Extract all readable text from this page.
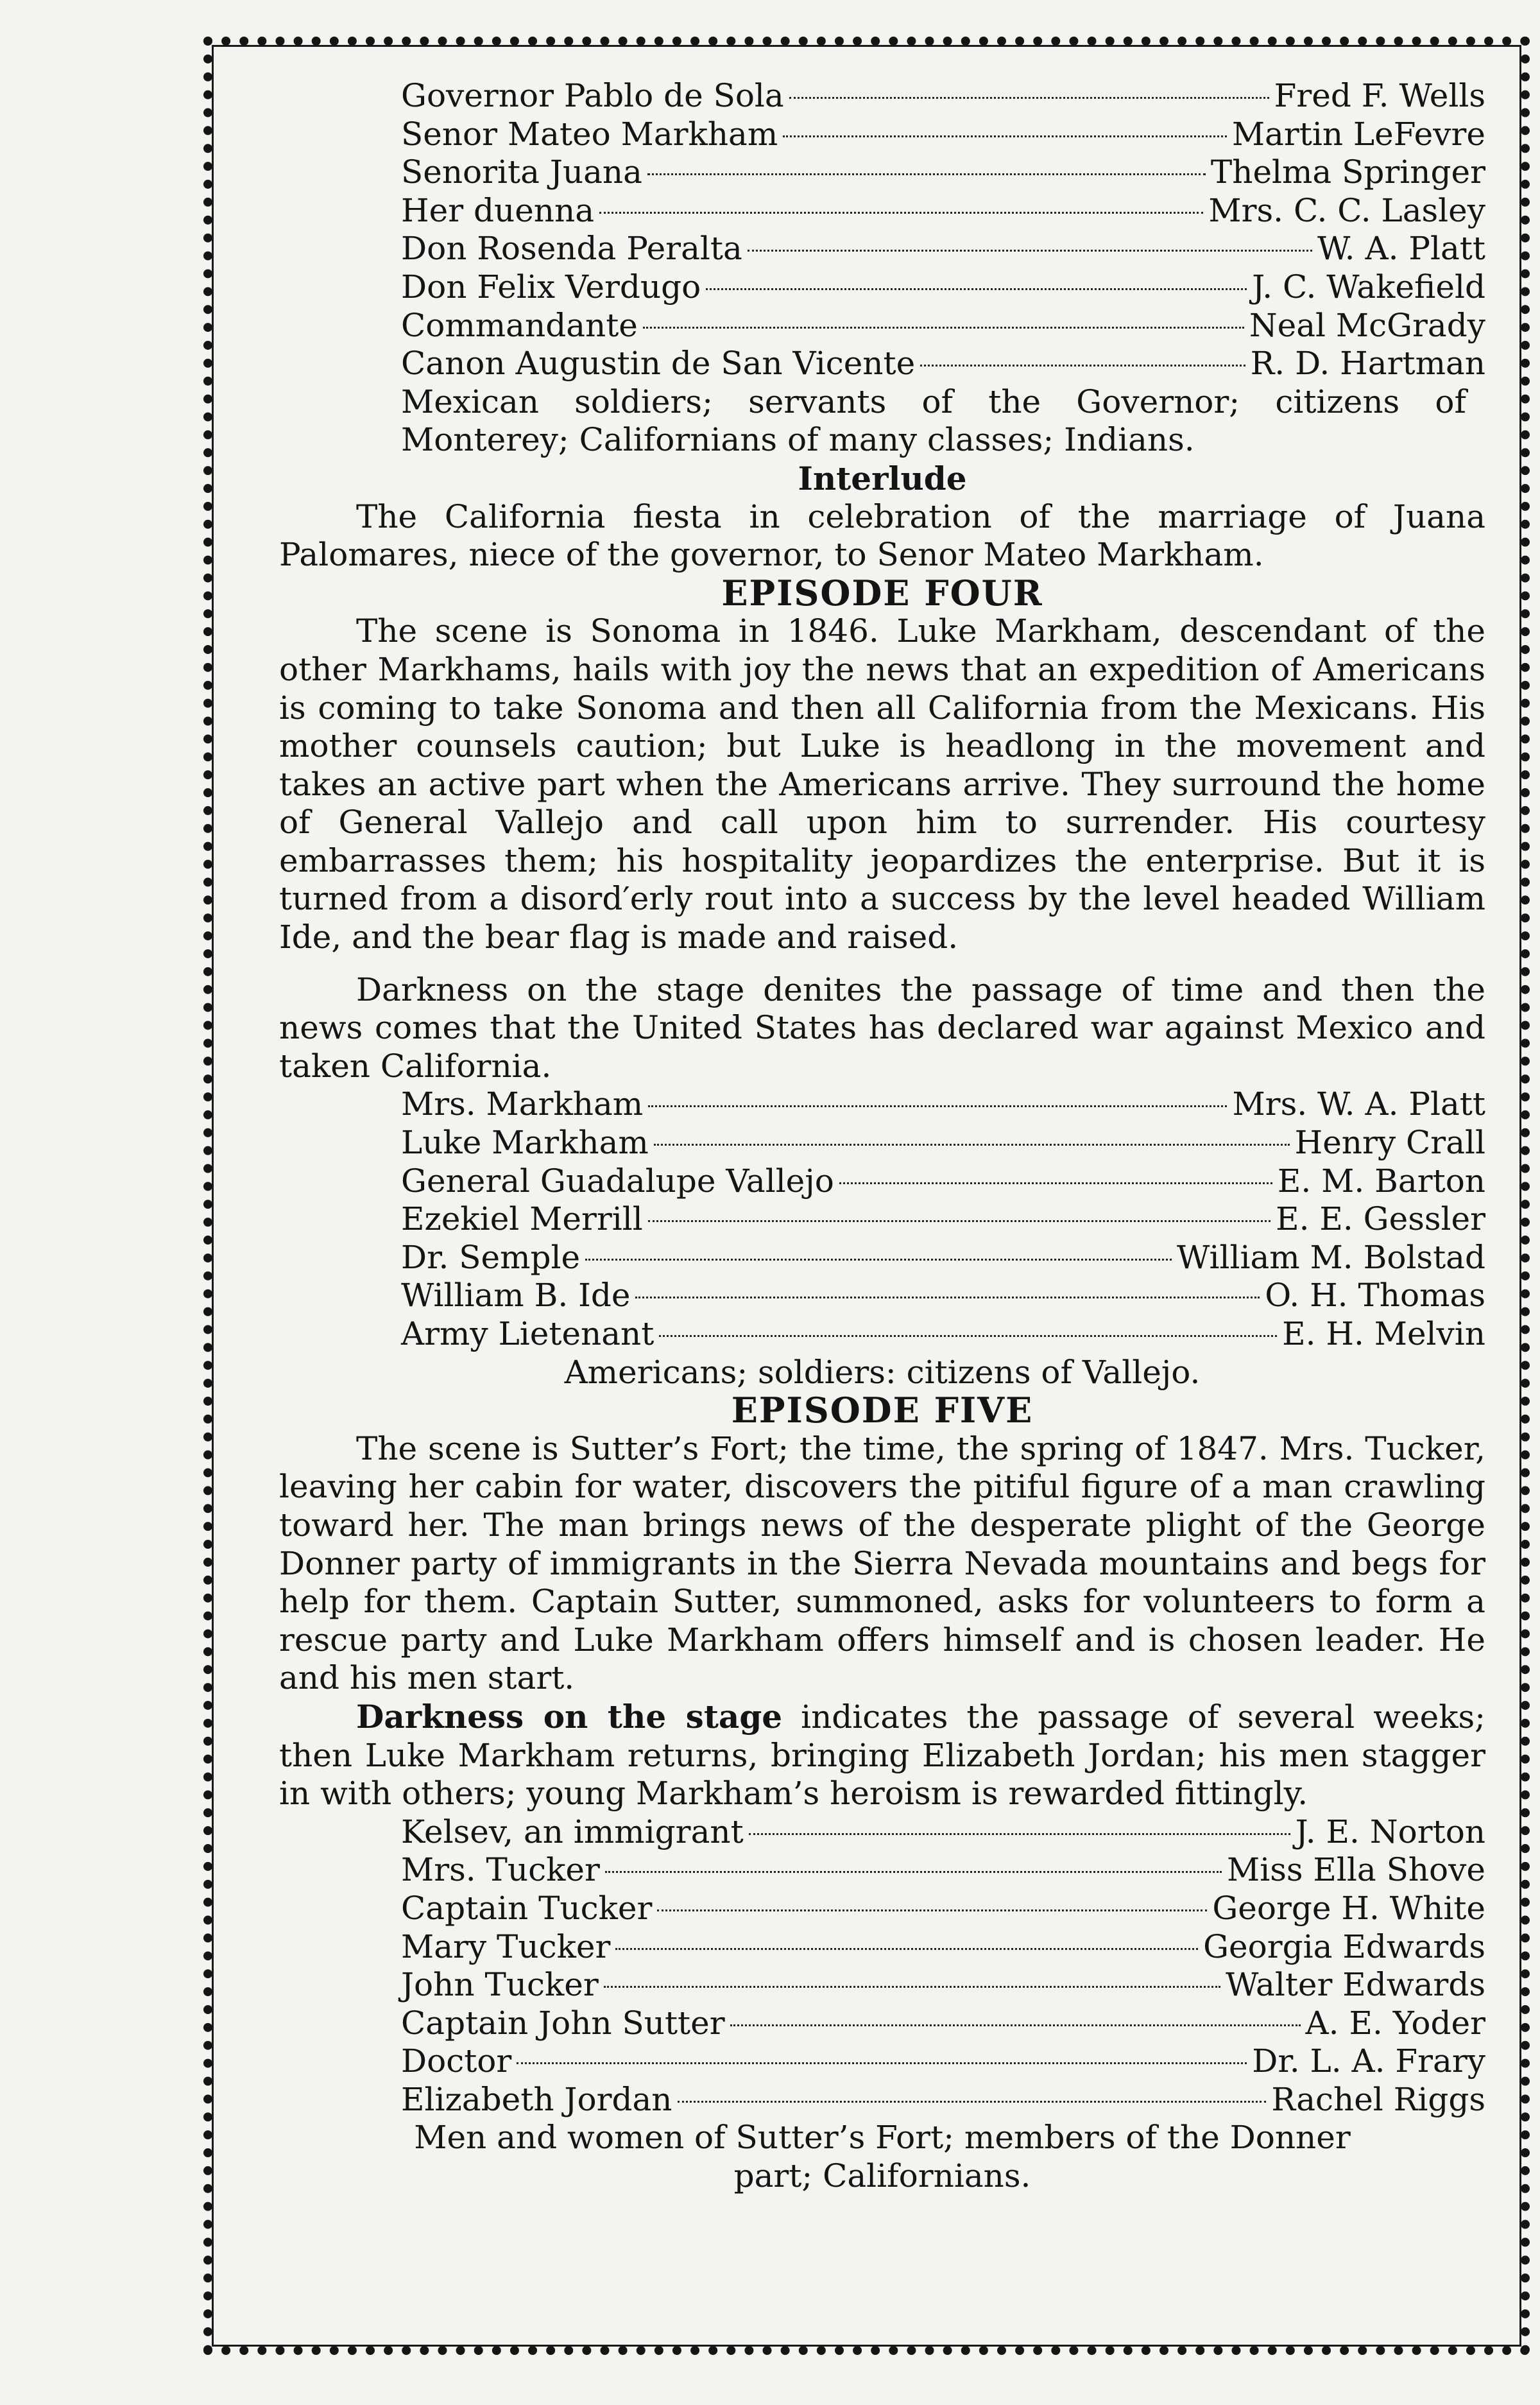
Governor Pablo de Sola	Fred F. Wells
Senor Mateo Markham	Martin LeFevre
Senorita Juana	Thelma Springer
Her duenna	Mrs. C. C. Lasley
Don Rosenda Peralta	W. A. Platt
Don Felix Verdugo	J. C. Wakefield
Commandante	Neal McGrady
Canon Augustin de San Vicente	R. D. Hartman
Mexican soldiers; servants of the Governor; citizens of Monterey; Californians of many classes; Indians.
Interlude

The California fiesta in celebration of the marriage of Juana Palomares, niece of the governor, to Senor Mateo Markham.

EPISODE FOUR

The scene is Sonoma in 1846. Luke Markham, descendant of the other Markhams, hails with joy the news that an expedition of Americans is coming to take Sonoma and then all California from the Mexicans. His mother counsels caution; but Luke is headlong in the movement and takes an active part when the Americans arrive. They surround the home of General Vallejo and call upon him to surrender. His courtesy embarrasses them; his hospitality jeopardizes the enterprise. But it is turned from a disord′erly rout into a success by the level headed William Ide, and the bear flag is made and raised.

Darkness on the stage denites the passage of time and then the news comes that the United States has declared war against Mexico and taken California.

Mrs. Markham	Mrs. W. A. Platt
Luke Markham	Henry Crall
General Guadalupe Vallejo	E. M. Barton
Ezekiel Merrill	E. E. Gessler
Dr. Semple	William M. Bolstad
William B. Ide	O. H. Thomas
Army Lietenant	E. H. Melvin
Americans; soldiers: citizens of Vallejo.
EPISODE FIVE

The scene is Sutter’s Fort; the time, the spring of 1847. Mrs. Tucker, leaving her cabin for water, discovers the pitiful figure of a man crawling toward her. The man brings news of the desperate plight of the George Donner party of immigrants in the Sierra Nevada mountains and begs for help for them. Captain Sutter, summoned, asks for volunteers to form a rescue party and Luke Markham offers himself and is chosen leader. He and his men start.

Darkness on the stage indicates the passage of several weeks; then Luke Markham returns, bringing Elizabeth Jordan; his men stagger in with others; young Markham’s heroism is rewarded fittingly.

Kelsev, an immigrant	J. E. Norton
Mrs. Tucker	Miss Ella Shove
Captain Tucker	George H. White
Mary Tucker	Georgia Edwards
John Tucker	Walter Edwards
Captain John Sutter	A. E. Yoder
Doctor	Dr. L. A. Frary
Elizabeth Jordan	Rachel Riggs
Men and women of Sutter’s Fort; members of the Donner part; Californians.
